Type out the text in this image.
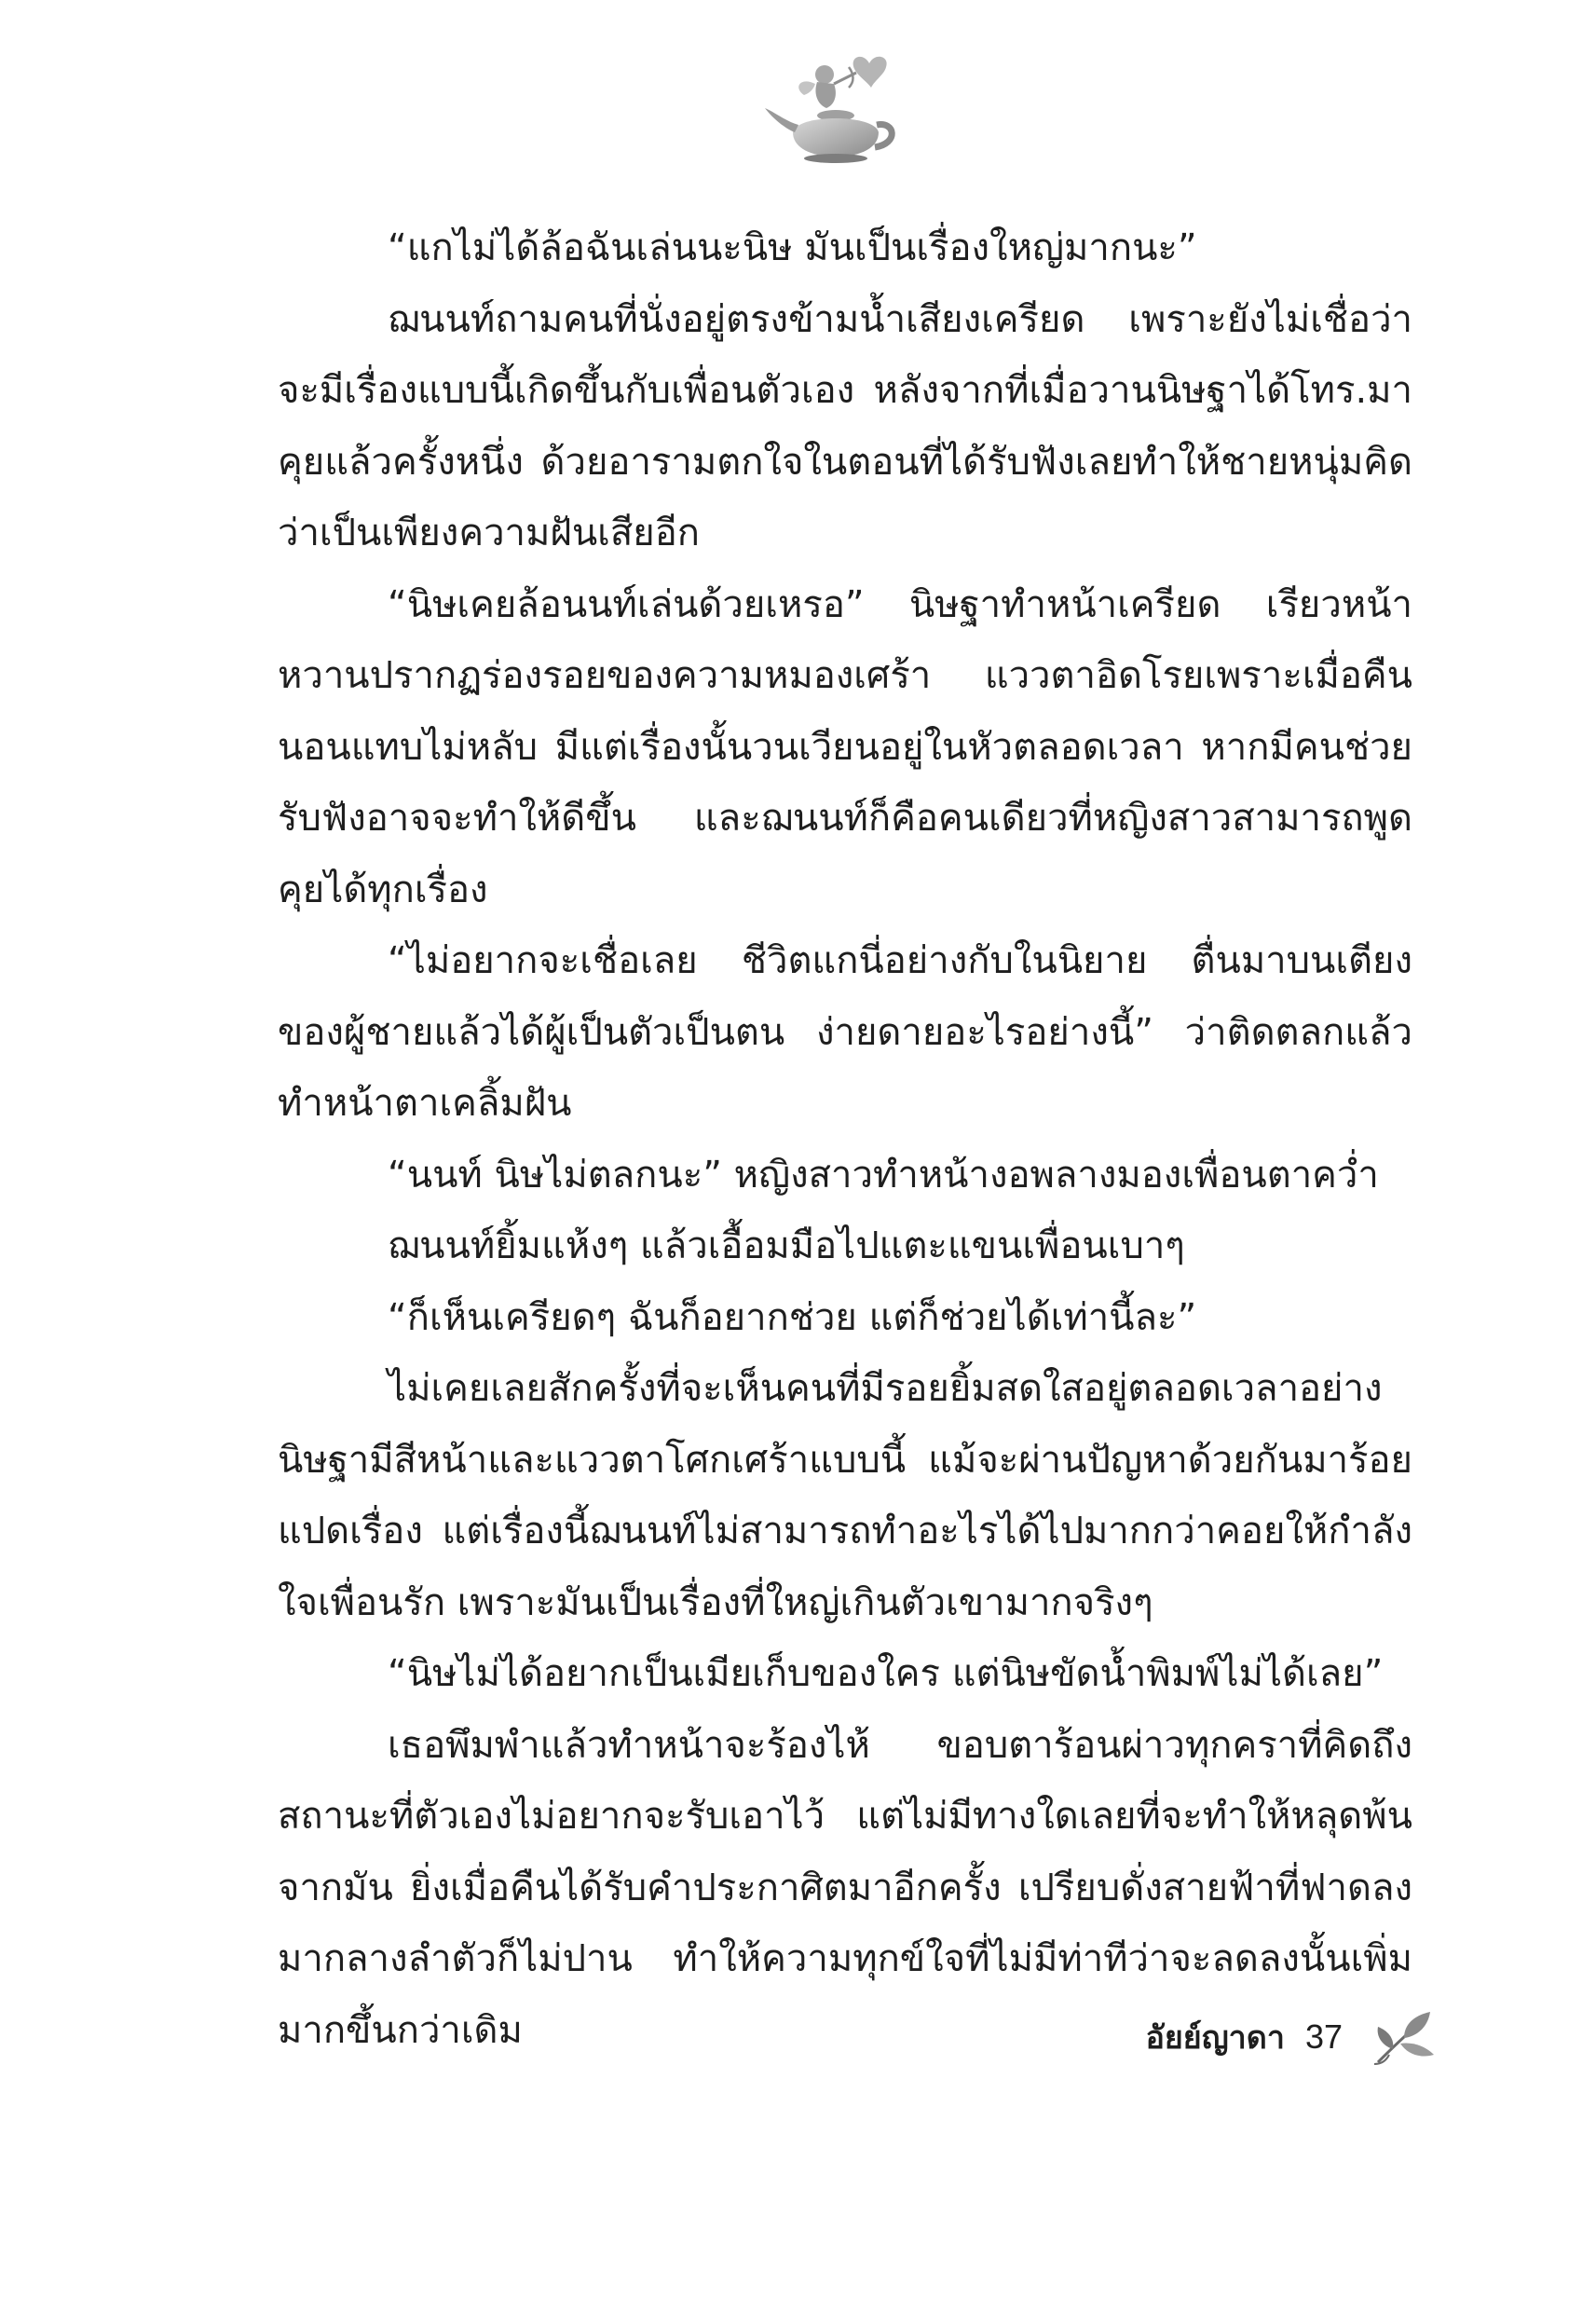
“แกไม่ได้ล้อฉันเล่นนะนิษ มันเป็นเรื่องใหญ่มากนะ”

ฌนนท์ถามคนที่นั่งอยู่ตรงข้ามน้ำเสียงเครียด เพราะยังไม่เชื่อว่าจะมีเรื่องแบบนี้เกิดขึ้นกับเพื่อนตัวเอง หลังจากที่เมื่อวานนิษฐาได้โทร.มาคุยแล้วครั้งหนึ่ง ด้วยอารามตกใจในตอนที่ได้รับฟังเลยทำให้ชายหนุ่มคิดว่าเป็นเพียงความฝันเสียอีก

“นิษเคยล้อนนท์เล่นด้วยเหรอ” นิษฐาทำหน้าเครียด เรียวหน้าหวานปรากฏร่องรอยของความหมองเศร้า แววตาอิดโรยเพราะเมื่อคืนนอนแทบไม่หลับ มีแต่เรื่องนั้นวนเวียนอยู่ในหัวตลอดเวลา หากมีคนช่วยรับฟังอาจจะทำให้ดีขึ้น และฌนนท์ก็คือคนเดียวที่หญิงสาวสามารถพูดคุยได้ทุกเรื่อง

“ไม่อยากจะเชื่อเลย ชีวิตแกนี่อย่างกับในนิยาย ตื่นมาบนเตียงของผู้ชายแล้วได้ผู้เป็นตัวเป็นตน ง่ายดายอะไรอย่างนี้” ว่าติดตลกแล้วทำหน้าตาเคลิ้มฝัน

“นนท์ นิษไม่ตลกนะ” หญิงสาวทำหน้างอพลางมองเพื่อนตาคว่ำ

ฌนนท์ยิ้มแห้งๆ แล้วเอื้อมมือไปแตะแขนเพื่อนเบาๆ

“ก็เห็นเครียดๆ ฉันก็อยากช่วย แต่ก็ช่วยได้เท่านี้ละ”

ไม่เคยเลยสักครั้งที่จะเห็นคนที่มีรอยยิ้มสดใสอยู่ตลอดเวลาอย่างนิษฐามีสีหน้าและแววตาโศกเศร้าแบบนี้ แม้จะผ่านปัญหาด้วยกันมาร้อยแปดเรื่อง แต่เรื่องนี้ฌนนท์ไม่สามารถทำอะไรได้ไปมากกว่าคอยให้กำลังใจเพื่อนรัก เพราะมันเป็นเรื่องที่ใหญ่เกินตัวเขามากจริงๆ

“นิษไม่ได้อยากเป็นเมียเก็บของใคร แต่นิษขัดน้ำพิมพ์ไม่ได้เลย”

เธอพึมพำแล้วทำหน้าจะร้องไห้ ขอบตาร้อนผ่าวทุกคราที่คิดถึงสถานะที่ตัวเองไม่อยากจะรับเอาไว้ แต่ไม่มีทางใดเลยที่จะทำให้หลุดพ้นจากมัน ยิ่งเมื่อคืนได้รับคำประกาศิตมาอีกครั้ง เปรียบดั่งสายฟ้าที่ฟาดลงมากลางลำตัวก็ไม่ปาน ทำให้ความทุกข์ใจที่ไม่มีท่าทีว่าจะลดลงนั้นเพิ่มมากขึ้นกว่าเดิม	อัยย์ญาดา 37
